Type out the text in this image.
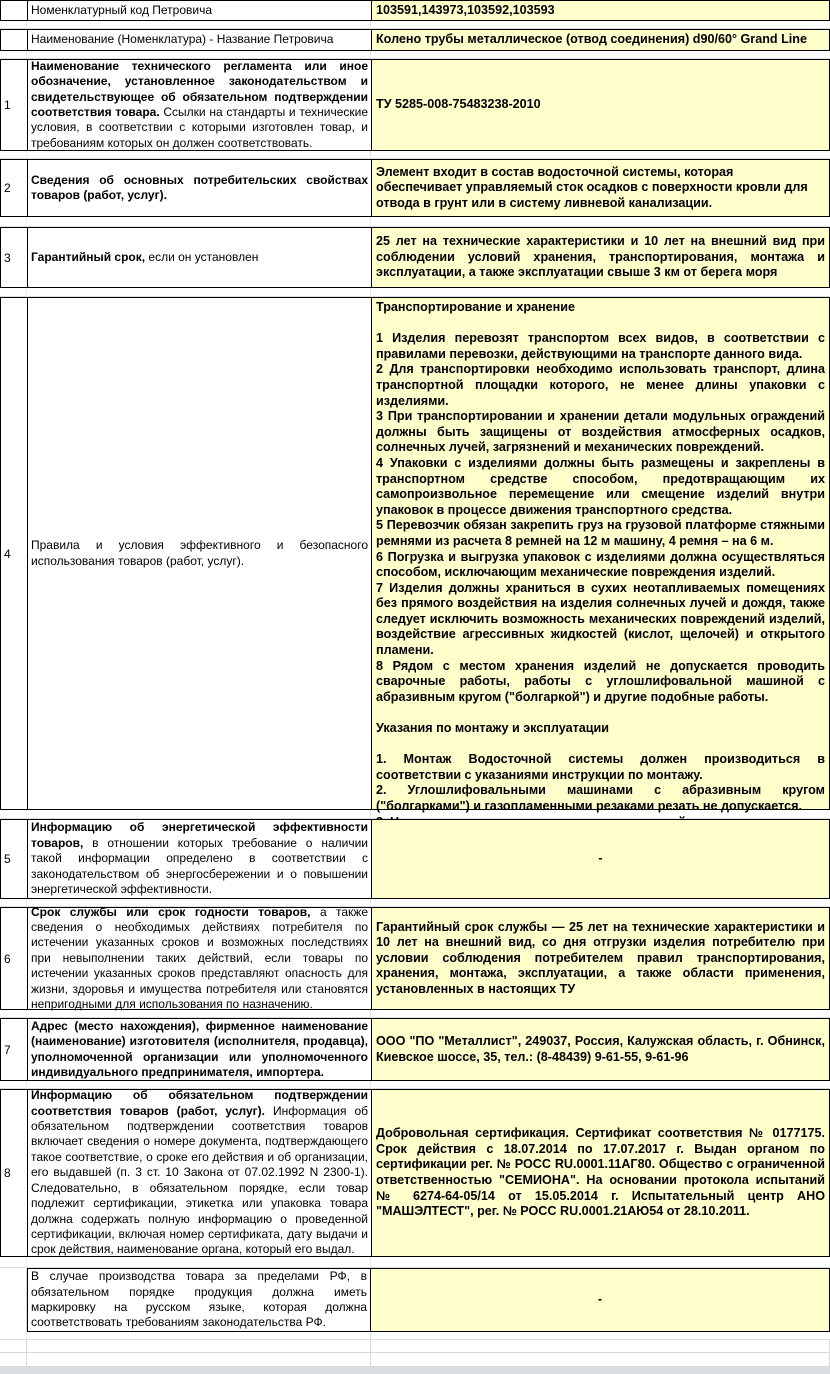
Номенклатурный код Петровича	103591,143973,103592,103593
Наименование (Номенклатура) - Название Петровича	Колено трубы металлическое (отвод соединения) d90/60° Grand Line
1
Наименование технического регламента или иное обозначение, установленное законодательством и свидетельствующее об обязательном подтверждении соответствия товара. Ссылки на стандарты и технические условия, в соответствии с которыми изготовлен товар, и требованиям которых он должен соответствовать.
ТУ 5285-008-75483238-2010
2
Сведения об основных потребительских свойствах товаров (работ, услуг).
Элемент входит в состав водосточной системы, которая  обеспечивает управляемый сток осадков с поверхности кровли для отвода в грунт или в систему ливневой канализации.
3 Гарантийный срок, если он установлен
25 лет на технические характеристики и 10 лет на внешний вид при соблюдении условий хранения, транспортирования, монтажа и эксплуатации, а также эксплуатации свыше 3 км от берега моря
4
Правила и условия эффективного и безопасного использования товаров (работ, услуг).
Транспортирование и хранение
1 Изделия перевозят транспортом всех видов, в соответствии с правилами перевозки, действующими на транспорте данного вида.
2 Для транспортировки необходимо использовать транспорт, длина транспортной площадки которого, не менее длины упаковки с изделиями.
3 При транспортировании и хранении детали модульных ограждений должны быть защищены от воздействия атмосферных осадков, солнечных лучей, загрязнений и механических повреждений.
4 Упаковки с изделиями должны быть размещены и закреплены в транспортном средстве способом, предотвращающим их самопроизвольное перемещение или смещение изделий внутри упаковок в процессе движения транспортного средства.
5 Перевозчик обязан закрепить груз на грузовой платформе стяжными ремнями из расчета 8 ремней на 12 м машину, 4 ремня – на 6 м.
6 Погрузка и выгрузка упаковок с изделиями должна осуществляться способом, исключающим механические повреждения изделий.
7 Изделия должны храниться в сухих неотапливаемых помещениях без прямого воздействия на изделия солнечных лучей и дождя, также следует исключить возможность механических повреждений изделий, воздействие агрессивных жидкостей (кислот, щелочей) и открытого пламени.
8 Рядом с местом хранения изделий не допускается проводить сварочные работы, работы с углошлифовальной машиной с абразивным кругом ("болгаркой") и другие подобные работы.
Указания по монтажу и эксплуатации
1. Монтаж Водосточной системы должен производиться в соответствии с указаниями инструкции по монтажу.
2. Углошлифовальными машинами с абразивным кругом ("болгарками") и газопламенными резаками резать не допускается.
5
Информацию об энергетической эффективности товаров, в отношении которых требование о наличии такой информации определено в соответствии с законодательством об энергосбережении и о повышении энергетической эффективности.
-
6
Срок службы или срок годности товаров, а также сведения о необходимых действиях потребителя по истечении указанных сроков и возможных последствиях при невыполнении таких действий, если товары по истечении указанных сроков представляют опасность для жизни, здоровья и имущества потребителя или становятся непригодными для использования по назначению.
Гарантийный срок службы — 25 лет на технические характеристики и 10 лет на внешний вид, со дня отгрузки изделия потребителю при условии соблюдения потребителем правил транспортирования, хранения, монтажа, эксплуатации, а также области применения, установленных в настоящих ТУ
7
Адрес (место нахождения), фирменное наименование (наименование) изготовителя (исполнителя, продавца), уполномоченной организации или уполномоченного индивидуального предпринимателя, импортера.
ООО "ПО "Металлист", 249037, Россия, Калужская область, г. Обнинск, Киевское шоссе, 35, тел.: (8-48439) 9-61-55, 9-61-96
8
Информацию об обязательном подтверждении соответствия товаров (работ, услуг). Информация об обязательном подтверждении соответствия товаров включает сведения о номере документа, подтверждающего такое соответствие, о сроке его действия и об организации, его выдавшей (п. 3 ст. 10 Закона от 07.02.1992 N 2300-1). Следовательно, в обязательном порядке, если товар подлежит сертификации, этикетка или упаковка товара должна содержать полную информацию о проведенной сертификации, включая номер сертификата, дату выдачи и срок действия, наименование органа, который его выдал.
Добровольная сертификация. Сертификат соответствия № 0177175. Срок действия с 18.07.2014 по 17.07.2017 г. Выдан органом по сертификации рег. № РОСС RU.0001.11АГ80. Общество с ограниченной ответственностью "СЕМИОНА". На основании протокола испытаний № 6274-64-05/14 от 15.05.2014 г. Испытательный центр АНО "МАШЭЛТЕСТ", рег. № РОСС RU.0001.21АЮ54 от 28.10.2011.
В случае производства товара за пределами РФ, в обязательном порядке продукция должна иметь маркировку на русском языке, которая должна соответствовать требованиям законодательства РФ.
-
